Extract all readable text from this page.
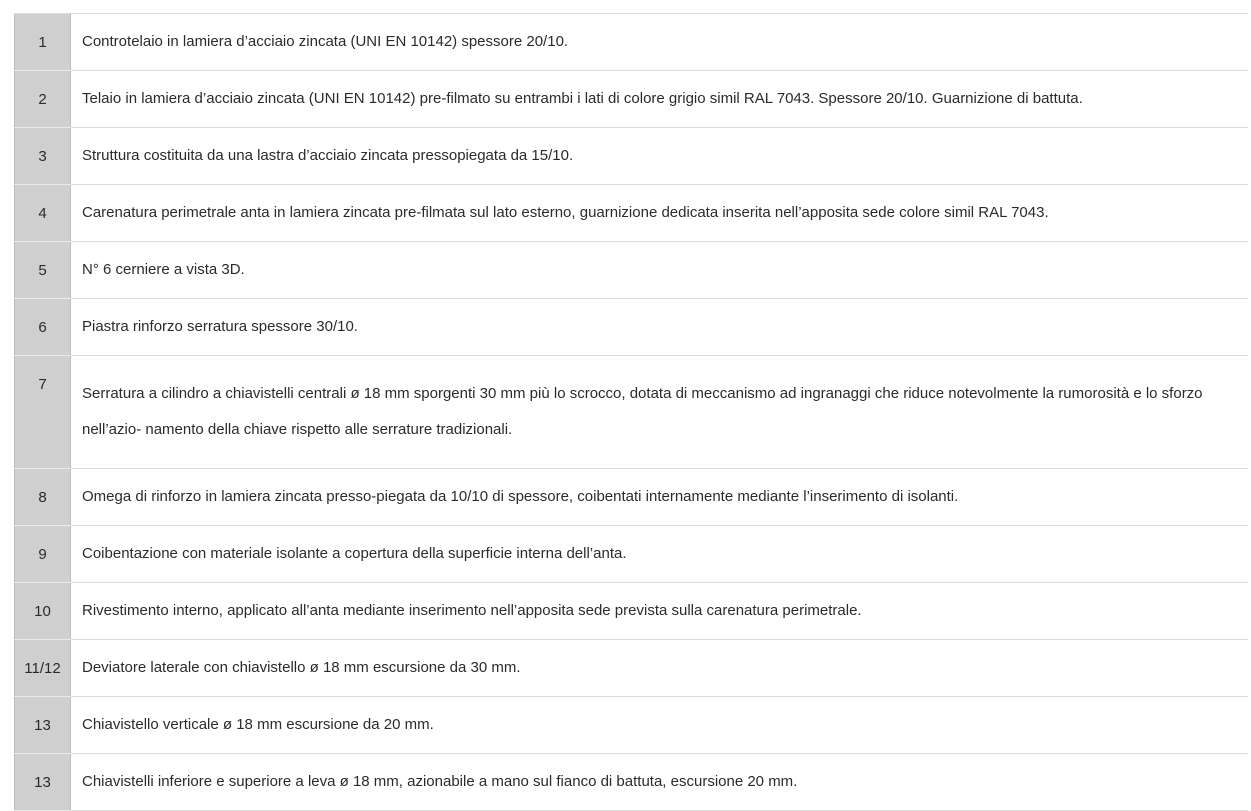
1	Controtelaio in lamiera d’acciaio zincata (UNI EN 10142) spessore 20/10.
2	Telaio in lamiera d’acciaio zincata (UNI EN 10142) pre-filmato su entrambi i lati di colore grigio simil RAL 7043. Spessore 20/10. Guarnizione di battuta.
3	Struttura costituita da una lastra d’acciaio zincata pressopiegata da 15/10.
4	Carenatura perimetrale anta in lamiera zincata pre-filmata sul lato esterno, guarnizione dedicata inserita nell’apposita sede colore simil RAL 7043.
5	N° 6 cerniere a vista 3D.
6	Piastra rinforzo serratura spessore 30/10.
7	Serratura a cilindro a chiavistelli centrali ø 18 mm sporgenti 30 mm più lo scrocco, dotata di meccanismo ad ingranaggi che riduce notevolmente la rumorosità e lo sforzo nell’azio- namento della chiave rispetto alle serrature tradizionali.
8	Omega di rinforzo in lamiera zincata presso-piegata da 10/10 di spessore, coibentati internamente mediante l’inserimento di isolanti.
9	Coibentazione con materiale isolante a copertura della superficie interna dell’anta.
10	Rivestimento interno, applicato all’anta mediante inserimento nell’apposita sede prevista sulla carenatura perimetrale.
11/12	Deviatore laterale con chiavistello ø 18 mm escursione da 30 mm.
13	Chiavistello verticale ø 18 mm escursione da 20 mm.
13	Chiavistelli inferiore e superiore a leva ø 18 mm, azionabile a mano sul fianco di battuta, escursione 20 mm.
